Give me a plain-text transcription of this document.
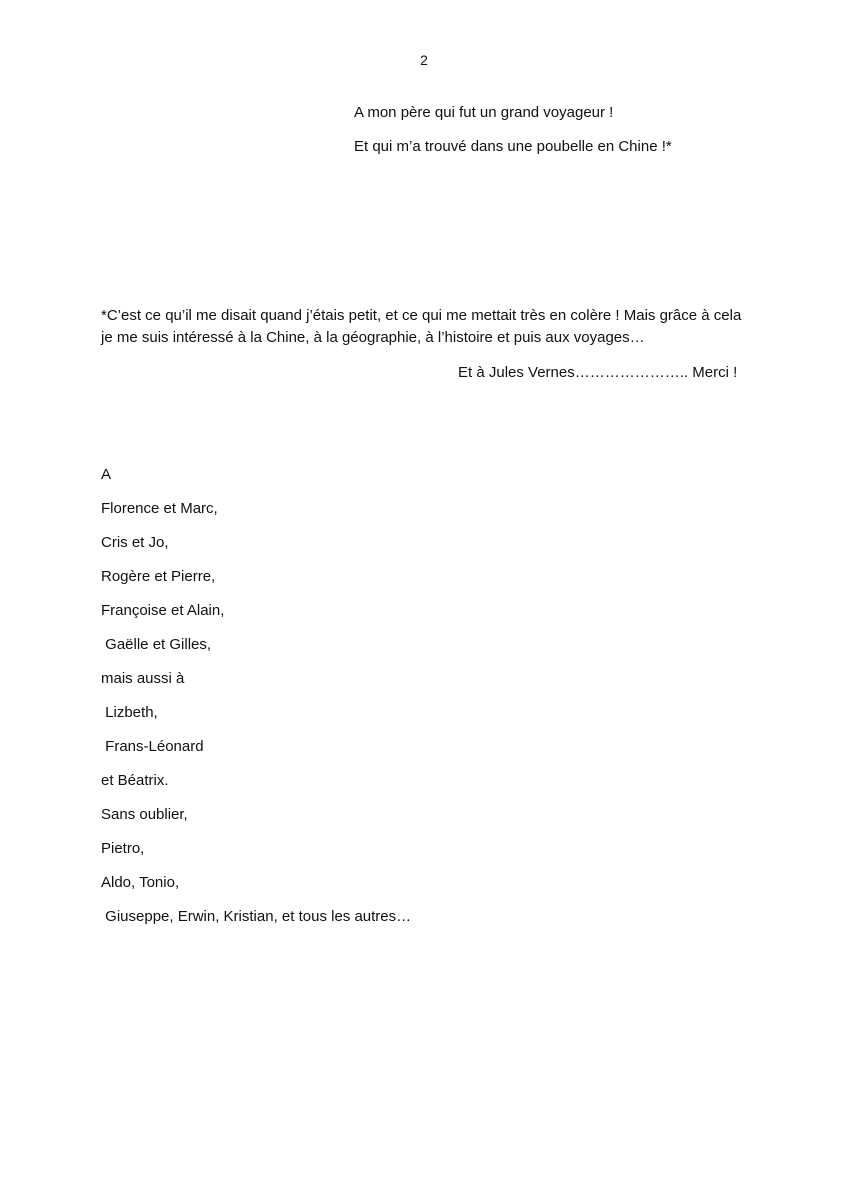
2

A mon père qui fut un grand voyageur !

Et qui m’a trouvé dans une poubelle en Chine !*

*C’est ce qu’il me disait quand j’étais petit, et ce qui me mettait très en colère ! Mais grâce à cela je me suis intéressé à la Chine, à la géographie, à l’histoire et puis aux voyages…

Et à Jules Vernes………………….. Merci !
A
Florence et Marc,
Cris et Jo,
Rogère et Pierre,
Françoise et Alain,
Gaëlle et Gilles,
mais aussi à
Lizbeth,
Frans-Léonard
et Béatrix.
Sans oublier,
Pietro,
Aldo, Tonio,
Giuseppe, Erwin, Kristian, et tous les autres…
